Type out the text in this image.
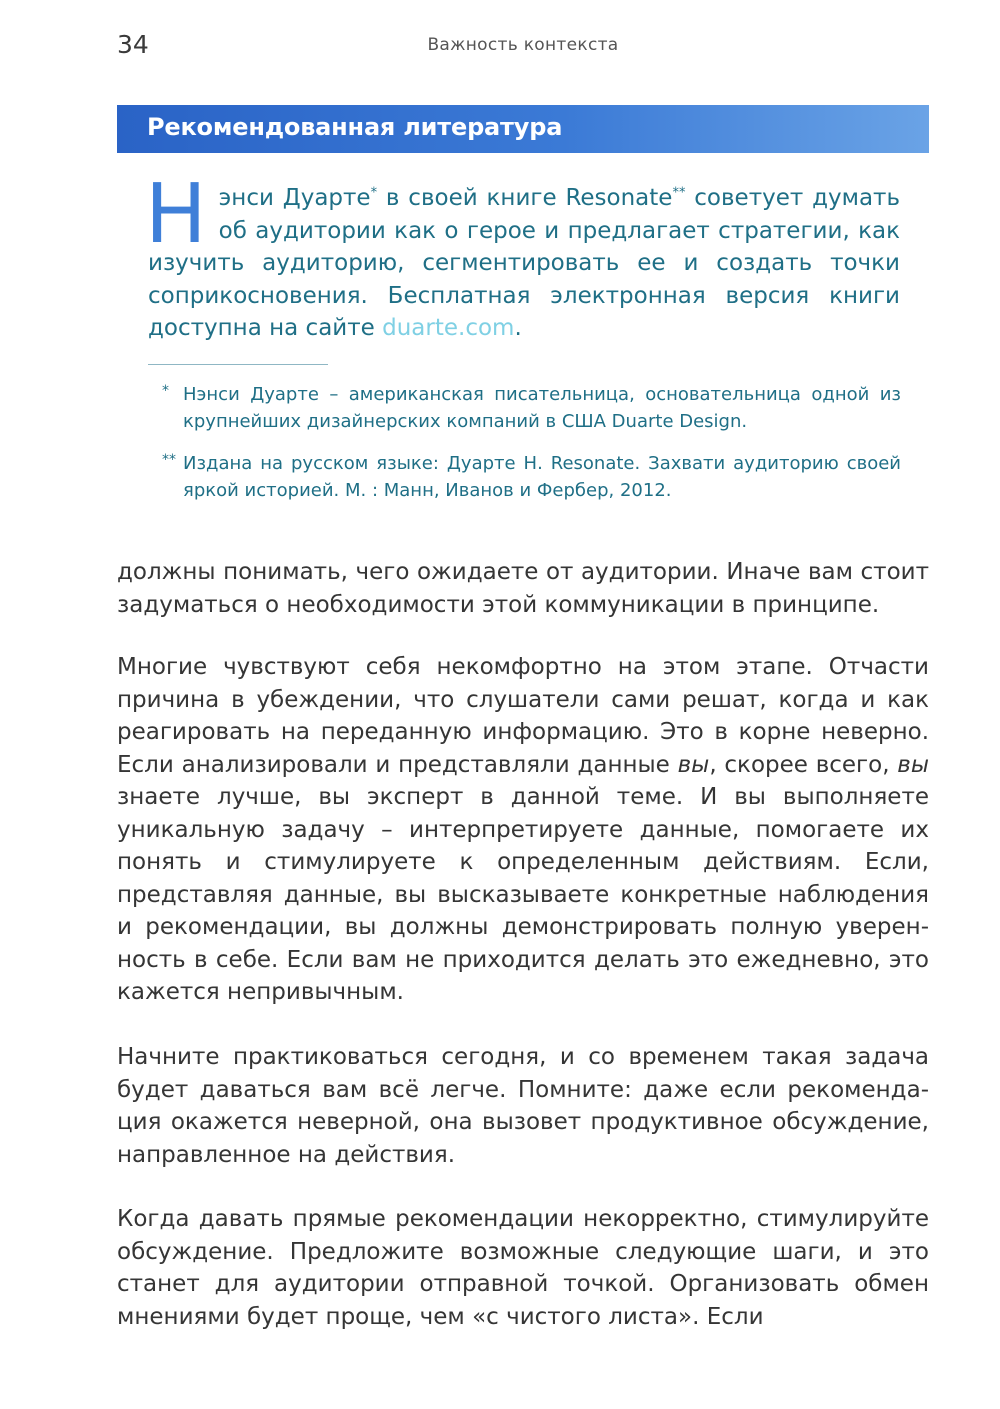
34	Важность контекста
Рекомендованная литература
Нэнси Дуарте* в своей книге Resonate** советует думать об аудитории как о герое и предлагает стратегии, как изучить аудиторию, сегментировать ее и создать точки соприкосновения. Бесплатная электронная версия книги доступна на сайте duarte.com.
* Нэнси Дуарте – американская писательница, основательница одной из крупнейших дизайнерских компаний в США Duarte Design.
** Издана на русском языке: Дуарте Н. Resonate. Захвати аудиторию своей яркой историей. М. : Манн, Иванов и Фербер, 2012.
должны понимать, чего ожидаете от аудитории. Иначе вам стоит задуматься о необходимости этой коммуникации в принципе.
Многие чувствуют себя некомфортно на этом этапе. Отчасти причина в убеждении, что слушатели сами решат, когда и как реагировать на переданную информацию. Это в корне неверно. Если анализировали и представляли данные вы, скорее всего, вы знаете лучше, вы эксперт в данной теме. И вы выполняете уникальную задачу – интерпретируете данные, помогаете их понять и стимулируете к определенным действиям. Если, представляя данные, вы высказываете конкретные наблюдения и рекомендации, вы должны демонстрировать полную уверенность в себе. Если вам не приходится делать это ежедневно, это кажется непривычным.
Начните практиковаться сегодня, и со временем такая задача будет даваться вам всё легче. Помните: даже если рекомендация окажется неверной, она вызовет продуктивное обсуждение, направленное на действия.
Когда давать прямые рекомендации некорректно, стимулируйте обсуждение. Предложите возможные следующие шаги, и это станет для аудитории отправной точкой. Организовать обмен мнениями будет проще, чем «с чистого листа». Если
